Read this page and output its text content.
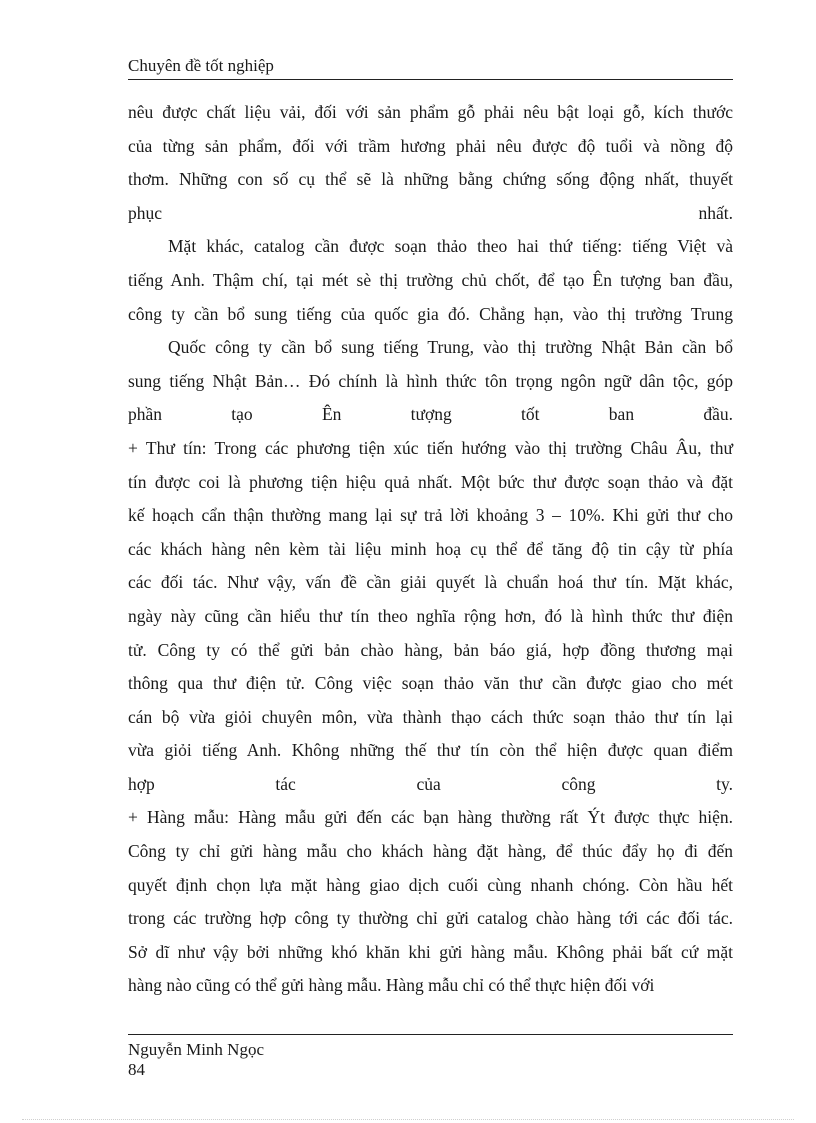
Chuyên đề tốt nghiệp
nêu được chất liệu vải, đối với sản phẩm gỗ phải nêu bật loại gỗ, kích thước
của từng sản phẩm, đối với trầm hương phải nêu được độ tuổi và nồng độ
thơm. Những con số cụ thể sẽ là những bằng chứng sống động nhất, thuyết
phục nhất.
Mặt khác, catalog cần được soạn thảo theo hai thứ tiếng: tiếng Việt và
tiếng Anh. Thậm chí, tại mét sè thị trường chủ chốt, để tạo Ên tượng ban đầu,
công ty cần bổ sung tiếng của quốc gia đó. Chẳng hạn, vào thị trường Trung
Quốc công ty cần bổ sung tiếng Trung, vào thị trường Nhật Bản cần bổ
sung tiếng Nhật Bản… Đó chính là hình thức tôn trọng ngôn ngữ dân tộc, góp
phần tạo Ên tượng tốt ban đầu.
+ Thư tín: Trong các phương tiện xúc tiến hướng vào thị trường Châu Âu, thư
tín được coi là phương tiện hiệu quả nhất. Một bức thư được soạn thảo và đặt
kế hoạch cẩn thận thường mang lại sự trả lời khoảng 3 – 10%. Khi gửi thư cho
các khách hàng nên kèm tài liệu minh hoạ cụ thể để tăng độ tin cậy từ phía
các đối tác. Như vậy, vấn đề cần giải quyết là chuẩn hoá thư tín. Mặt khác,
ngày này cũng cần hiểu thư tín theo nghĩa rộng hơn, đó là hình thức thư điện
tử. Công ty có thể gửi bản chào hàng, bản báo giá, hợp đồng thương mại
thông qua thư điện tử. Công việc soạn thảo văn thư cần được giao cho mét
cán bộ vừa giỏi chuyên môn, vừa thành thạo cách thức soạn thảo thư tín lại
vừa giỏi tiếng Anh. Không những thế thư tín còn thể hiện được quan điểm
hợp tác của công ty.
+ Hàng mẫu: Hàng mẫu gửi đến các bạn hàng thường rất Ýt được thực hiện.
Công ty chỉ gửi hàng mẫu cho khách hàng đặt hàng, để thúc đẩy họ đi đến
quyết định chọn lựa mặt hàng giao dịch cuối cùng nhanh chóng. Còn hầu hết
trong các trường hợp công ty thường chỉ gửi catalog chào hàng tới các đối tác.
Sở dĩ như vậy bởi những khó khăn khi gửi hàng mẫu. Không phải bất cứ mặt
hàng nào cũng có thể gửi hàng mẫu. Hàng mẫu chỉ có thể thực hiện đối với
Nguyễn Minh Ngọc
84
